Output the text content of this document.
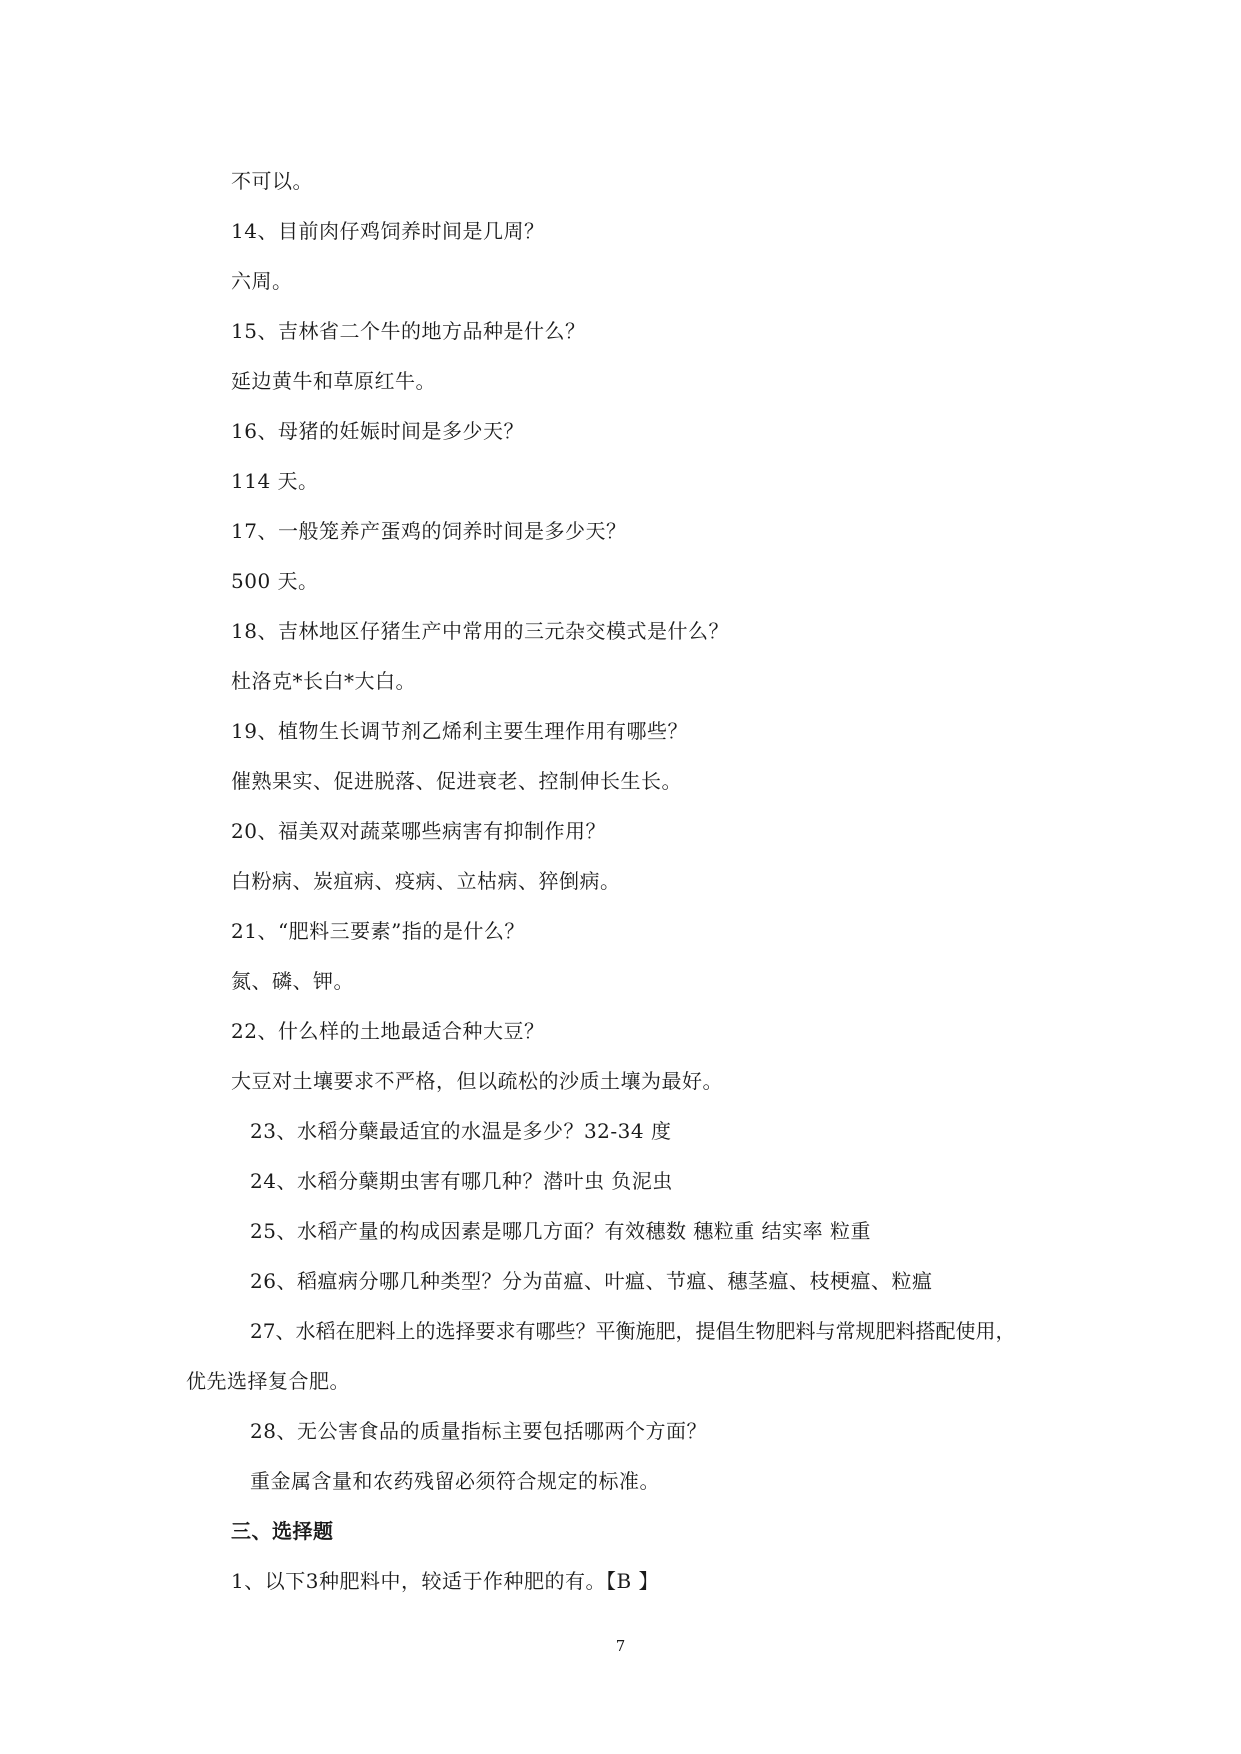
不可以。
14、目前肉仔鸡饲养时间是几周？
六周。
15、吉林省二个牛的地方品种是什么？
延边黄牛和草原红牛。
16、母猪的妊娠时间是多少天？
114 天。
17、一般笼养产蛋鸡的饲养时间是多少天？
500 天。
18、吉林地区仔猪生产中常用的三元杂交模式是什么？
杜洛克*长白*大白。
19、植物生长调节剂乙烯利主要生理作用有哪些？
催熟果实、促进脱落、促进衰老、控制伸长生长。
20、福美双对蔬菜哪些病害有抑制作用？
白粉病、炭疽病、疫病、立枯病、猝倒病。
21、“肥料三要素”指的是什么？
氮、磷、钾。
22、什么样的土地最适合种大豆？
大豆对土壤要求不严格，但以疏松的沙质土壤为最好。
23、水稻分蘖最适宜的水温是多少？32-34 度
24、水稻分蘖期虫害有哪几种？潜叶虫 负泥虫
25、水稻产量的构成因素是哪几方面？有效穗数 穗粒重 结实率 粒重
26、稻瘟病分哪几种类型？分为苗瘟、叶瘟、节瘟、穗茎瘟、枝梗瘟、粒瘟
27、水稻在肥料上的选择要求有哪些？平衡施肥，提倡生物肥料与常规肥料搭配使用，
优先选择复合肥。
28、无公害食品的质量指标主要包括哪两个方面？
重金属含量和农药残留必须符合规定的标准。
三、选择题
1、以下3种肥料中，较适于作种肥的有。【B 】
7
